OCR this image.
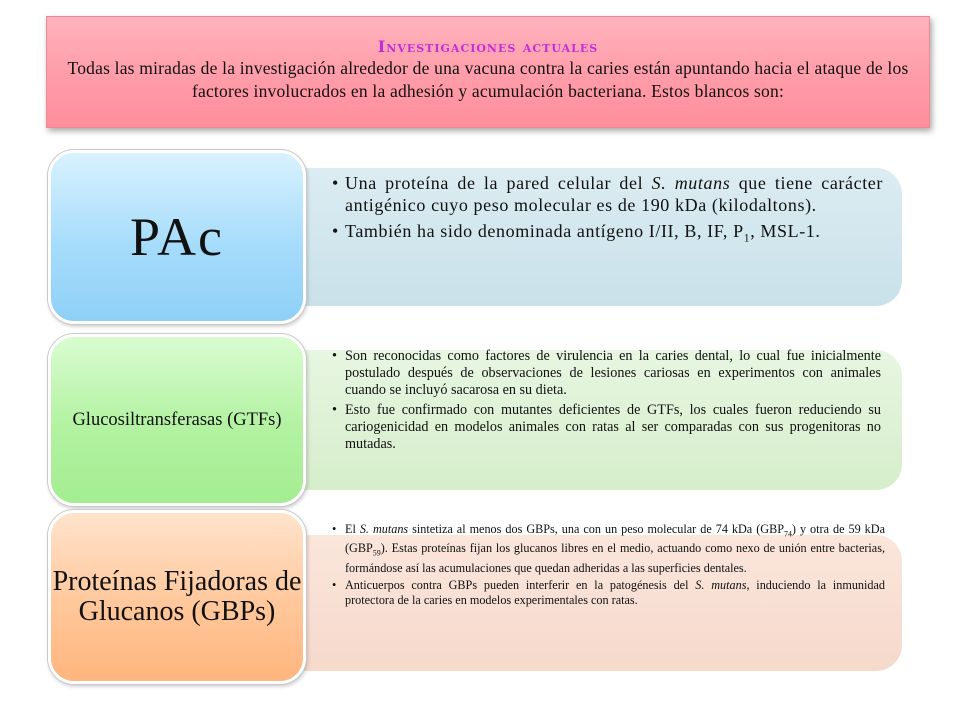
Investigaciones actuales
Todas las miradas de la investigación alrededor de una vacuna contra la caries están apuntando hacia el ataque de los factores involucrados en la adhesión y acumulación bacteriana. Estos blancos son:
• Una proteína de la pared celular del S. mutans que tiene carácter antigénico cuyo peso molecular es de 190 kDa (kilodaltons).
• También ha sido denominada antígeno I/II, B, IF, $P_1$, MSL-1.
PAc
• Son reconocidas como factores de virulencia en la caries dental, lo cual fue inicialmente postulado después de observaciones de lesiones cariosas en experimentos con animales cuando se incluyó sacarosa en su dieta.
• Esto fue confirmado con mutantes deficientes de GTFs, los cuales fueron reduciendo su cariogenicidad en modelos animales con ratas al ser comparadas con sus progenitoras no mutadas.
Glucosiltransferasas (GTFs)
• El S. mutans sintetiza al menos dos GBPs, una con un peso molecular de 74 kDa $(GBP_{74})$ y otra de 59 kDa $(GBP_{59})$. Estas proteínas fijan los glucanos libres en el medio, actuando como nexo de unión entre bacterias, formándose así las acumulaciones que quedan adheridas a las superficies dentales.
• Anticuerpos contra GBPs pueden interferir en la patogénesis del S. mutans, induciendo la inmunidad protectora de la caries en modelos experimentales con ratas.
Proteínas Fijadoras de Glucanos (GBPs)
